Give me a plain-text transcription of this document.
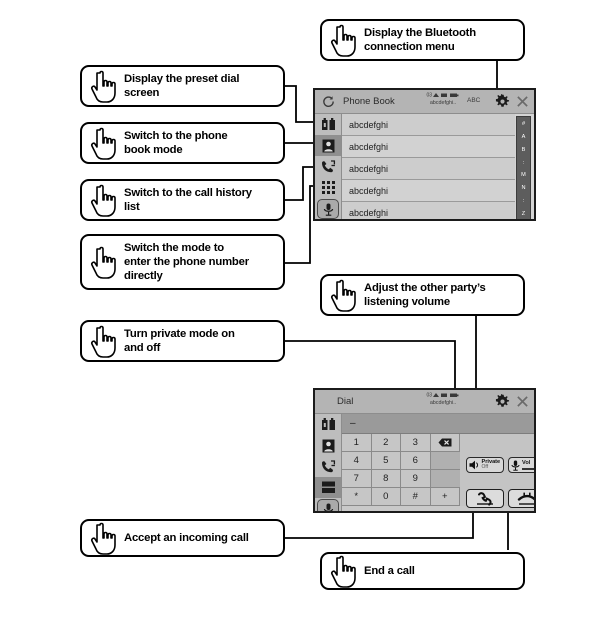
Display the preset dial
screen
Switch to the phone
book mode
Switch to the call history
list
Switch the mode to
enter the phone number
directly
Display the Bluetooth
connection menu
Adjust the other party’s
listening volume
Turn private mode on
and off
Accept an incoming call
End a call
Phone Book
03
abcdefghi..	ABC
abcdefghi
abcdefghi
abcdefghi
abcdefghi
abcdefghi
#
A
B
:
M
N
:
Z
Dial
03
abcdefghi..
–
1	2	3
4	5	6
7	8	9
*	0	#	+
Private
Off
Vol
